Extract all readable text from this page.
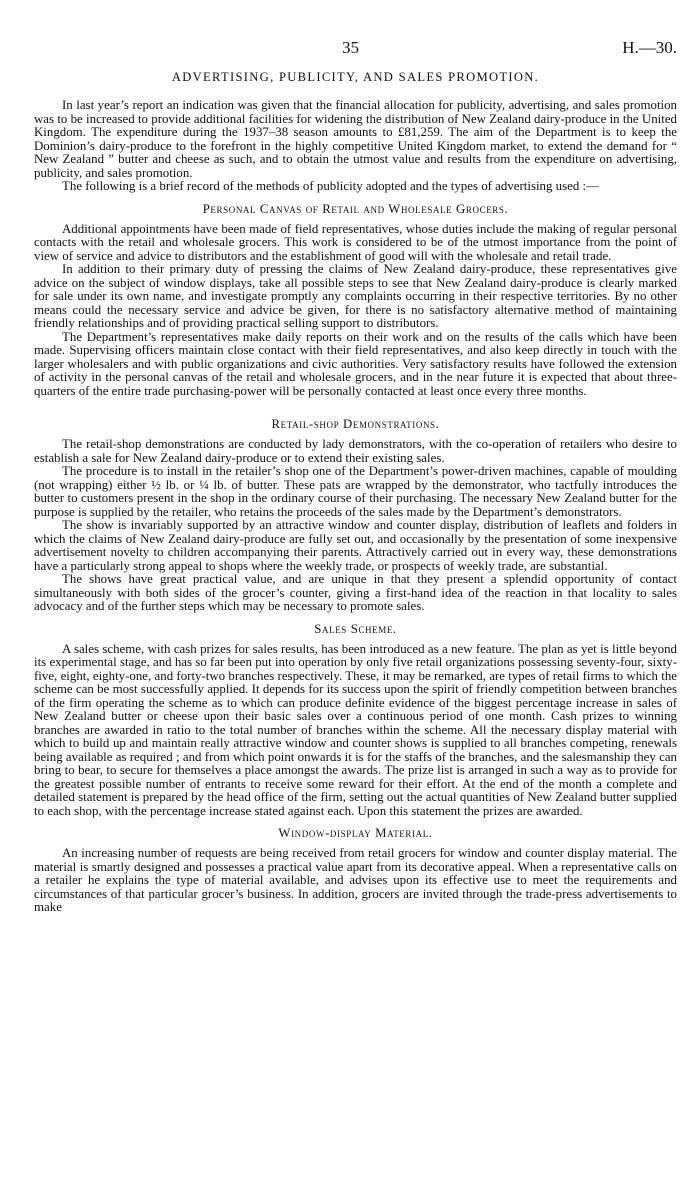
35	H.—30.
ADVERTISING, PUBLICITY, AND SALES PROMOTION.

In last year’s report an indication was given that the financial allocation for publicity, advertising, and sales promotion was to be increased to provide additional facilities for widening the distribution of New Zealand dairy-produce in the United Kingdom. The expenditure during the 1937–38 season amounts to £81,259. The aim of the Department is to keep the Dominion’s dairy-produce to the forefront in the highly competitive United Kingdom market, to extend the demand for “ New Zealand ” butter and cheese as such, and to obtain the utmost value and results from the expenditure on advertising, publicity, and sales promotion.

The following is a brief record of the methods of publicity adopted and the types of advertising used :—

Personal Canvas of Retail and Wholesale Grocers.

Additional appointments have been made of field representatives, whose duties include the making of regular personal contacts with the retail and wholesale grocers. This work is considered to be of the utmost importance from the point of view of service and advice to distributors and the establishment of good will with the wholesale and retail trade.

In addition to their primary duty of pressing the claims of New Zealand dairy-produce, these representatives give advice on the subject of window displays, take all possible steps to see that New Zealand dairy-produce is clearly marked for sale under its own name, and investigate promptly any complaints occurring in their respective territories. By no other means could the necessary service and advice be given, for there is no satisfactory alternative method of maintaining friendly relationships and of providing practical selling support to distributors.

The Department’s representatives make daily reports on their work and on the results of the calls which have been made. Supervising officers maintain close contact with their field representatives, and also keep directly in touch with the larger wholesalers and with public organizations and civic authorities. Very satisfactory results have followed the extension of activity in the personal canvas of the retail and wholesale grocers, and in the near future it is expected that about three-quarters of the entire trade purchasing-power will be personally contacted at least once every three months.

Retail-shop Demonstrations.

The retail-shop demonstrations are conducted by lady demonstrators, with the co-operation of retailers who desire to establish a sale for New Zealand dairy-produce or to extend their existing sales.

The procedure is to install in the retailer’s shop one of the Department’s power-driven machines, capable of moulding (not wrapping) either ½ lb. or ¼ lb. of butter. These pats are wrapped by the demonstrator, who tactfully introduces the butter to customers present in the shop in the ordinary course of their purchasing. The necessary New Zealand butter for the purpose is supplied by the retailer, who retains the proceeds of the sales made by the Department’s demonstrators.

The show is invariably supported by an attractive window and counter display, distribution of leaflets and folders in which the claims of New Zealand dairy-produce are fully set out, and occasionally by the presentation of some inexpensive advertisement novelty to children accompanying their parents. Attractively carried out in every way, these demonstrations have a particularly strong appeal to shops where the weekly trade, or prospects of weekly trade, are substantial.

The shows have great practical value, and are unique in that they present a splendid opportunity of contact simultaneously with both sides of the grocer’s counter, giving a first-hand idea of the reaction in that locality to sales advocacy and of the further steps which may be necessary to promote sales.

Sales Scheme.

A sales scheme, with cash prizes for sales results, has been introduced as a new feature. The plan as yet is little beyond its experimental stage, and has so far been put into operation by only five retail organizations possessing seventy-four, sixty-five, eight, eighty-one, and forty-two branches respectively. These, it may be remarked, are types of retail firms to which the scheme can be most successfully applied. It depends for its success upon the spirit of friendly competition between branches of the firm operating the scheme as to which can produce definite evidence of the biggest percentage increase in sales of New Zealand butter or cheese upon their basic sales over a continuous period of one month. Cash prizes to winning branches are awarded in ratio to the total number of branches within the scheme. All the necessary display material with which to build up and maintain really attractive window and counter shows is supplied to all branches competing, renewals being available as required ; and from which point onwards it is for the staffs of the branches, and the salesmanship they can bring to bear, to secure for themselves a place amongst the awards. The prize list is arranged in such a way as to provide for the greatest possible number of entrants to receive some reward for their effort. At the end of the month a complete and detailed statement is prepared by the head office of the firm, setting out the actual quantities of New Zealand butter supplied to each shop, with the percentage increase stated against each. Upon this statement the prizes are awarded.

Window-display Material.

An increasing number of requests are being received from retail grocers for window and counter display material. The material is smartly designed and possesses a practical value apart from its decorative appeal. When a representative calls on a retailer he explains the type of material available, and advises upon its effective use to meet the requirements and circumstances of that particular grocer’s business. In addition, grocers are invited through the trade-press advertisements to make
